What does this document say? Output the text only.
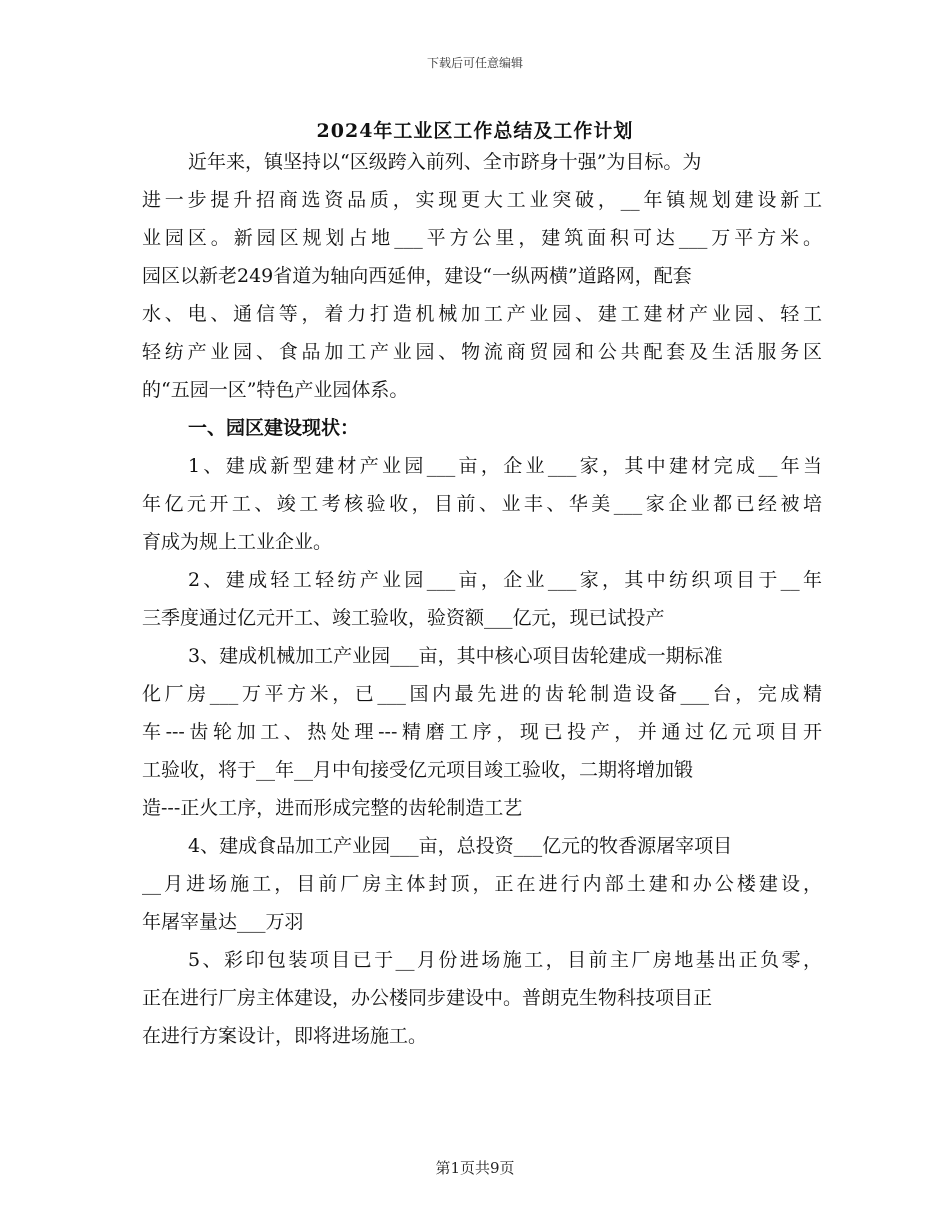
下载后可任意编辑
2024年工业区工作总结及工作计划
近年来，镇坚持以“区级跨入前列、全市跻身十强”为目标。为
进一步提升招商选资品质，实现更大工业突破，__年镇规划建设新工
业园区。新园区规划占地___平方公里，建筑面积可达___万平方米。
园区以新老249省道为轴向西延伸，建设“一纵两横”道路网，配套
水、电、通信等，着力打造机械加工产业园、建工建材产业园、轻工
轻纺产业园、食品加工产业园、物流商贸园和公共配套及生活服务区
的“五园一区”特色产业园体系。
一、园区建设现状：
1、建成新型建材产业园___亩，企业___家，其中建材完成__年当
年亿元开工、竣工考核验收，目前、业丰、华美___家企业都已经被培
育成为规上工业企业。
2、建成轻工轻纺产业园___亩，企业___家，其中纺织项目于__年
三季度通过亿元开工、竣工验收，验资额___亿元，现已试投产
3、建成机械加工产业园___亩，其中核心项目齿轮建成一期标准
化厂房___万平方米，已___国内最先进的齿轮制造设备___台，完成精
车---齿轮加工、热处理---精磨工序，现已投产，并通过亿元项目开
工验收，将于__年__月中旬接受亿元项目竣工验收，二期将增加锻
造---正火工序，进而形成完整的齿轮制造工艺
4、建成食品加工产业园___亩，总投资___亿元的牧香源屠宰项目
__月进场施工，目前厂房主体封顶，正在进行内部土建和办公楼建设，
年屠宰量达___万羽
5、彩印包装项目已于__月份进场施工，目前主厂房地基出正负零，
正在进行厂房主体建设，办公楼同步建设中。普朗克生物科技项目正
在进行方案设计，即将进场施工。
第1页共9页
